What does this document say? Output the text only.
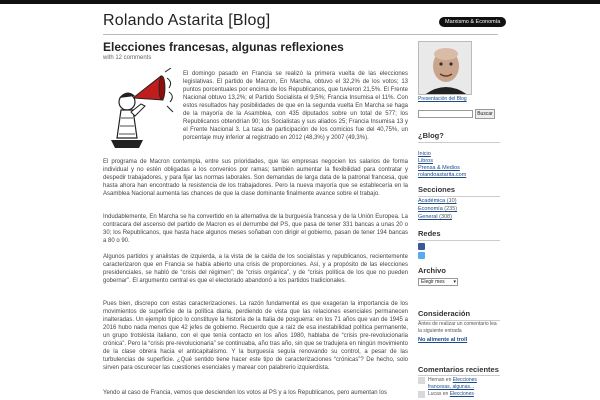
Rolando Astarita [Blog]	Marxismo & Economía
Elecciones francesas, algunas reflexiones
with 12 comments

El domingo pasado en Francia se realizó la primera vuelta de las elecciones legislativas. El partido de Macron, En Marcha, obtuvo el 32,2% de los votos; 13 puntos porcentuales por encima de los Republicanos, que tuvieron 21,5%. El Frente Nacional obtuvo 13,2%; el Partido Socialista el 9,5%; Francia Insumisa el 11%. Con estos resultados hay posibilidades de que en la segunda vuelta En Marcha se haga de la mayoría de la Asamblea, con 435 diputados sobre un total de 577; los Republicanos obtendrían 90; los Socialistas y sus aliados 25; Francia Insumisa 13 y el Frente Nacional 3. La tasa de participación de los comicios fue del 40,75%, un porcentaje muy inferior al registrado en 2012 (48,3%) y 2007 (49,3%).

El programa de Macron contempla, entre sus prioridades, que las empresas negocien los salarios de forma individual y no estén obligadas a los convenios por ramas; también aumentar la flexibilidad para contratar y despedir trabajadores, y para fijar las normas laborales. Son demandas de larga data de la patronal francesa, que hasta ahora han encontrado la resistencia de los trabajadores. Pero la nueva mayoría que se establecería en la Asamblea Nacional aumenta las chances de que la clase dominante finalmente avance sobre el trabajo.

Indudablemente, En Marcha se ha convertido en la alternativa de la burguesía francesa y de la Unión Europea. La contracara del ascenso del partido de Macron es el derrumbe del PS, que pasa de tener 331 bancas a unas 20 o 30; los Republicanos, que hasta hace algunos meses soñaban con dirigir el gobierno, pasan de tener 194 bancas a 80 o 90.

Algunos partidos y analistas de izquierda, a la vista de la caída de los socialistas y republicanos, recientemente caracterizaron que en Francia se había abierto una crisis de proporciones. Así, y a propósito de las elecciones presidenciales, se habló de “crisis del régimen”; de “crisis orgánica”, y de “crisis política de los que no pueden gobernar”. El argumento central es que el electorado abandonó a los partidos tradicionales.

Pues bien, discrepo con estas caracterizaciones. La razón fundamental es que exageran la importancia de los movimientos de superficie de la política diaria, perdiendo de vista que las relaciones esenciales permanecen inalteradas. Un ejemplo típico lo constituye la historia de la Italia de posguerra: en los 71 años que van de 1945 a 2016 hubo nada menos que 42 jefes de gobierno. Recuerdo que a raíz de esa inestabilidad política permanente, un grupo trotskista italiano, con el que tenía contacto en los años 1980, hablaba de “crisis pre-revolucionaria crónica”. Pero la “crisis pre-revolucionaria” se continuaba, año tras año, sin que se tradujera en ningún movimiento de la clase obrera hacia el anticapitalismo. Y la burguesía seguía renovando su control, a pesar de las turbulencias de superficie. ¿Qué sentido tiene hacer este tipo de caracterizaciones “crónicas”? De hecho, solo sirven para oscurecer las cuestiones esenciales y marear con palabrerío izquierdista.

Yendo al caso de Francia, vemos que descienden los votos al PS y a los Republicanos, pero aumentan los

Presentación del Blog
Buscar
¿Blog?
Inicio
Libros
Prensa & Medios
rolandoastarita.com
Secciones
Académica (10)
Economía (235)
General (308)
Redes
Archivo
Elegir mes ▾
Consideración
Antes de realizar un comentario lea la siguiente entrada
No alimente al troll
Comentarios recientes
Hernan en Elecciones
francesas, algunas...
Lucas en Elecciones
